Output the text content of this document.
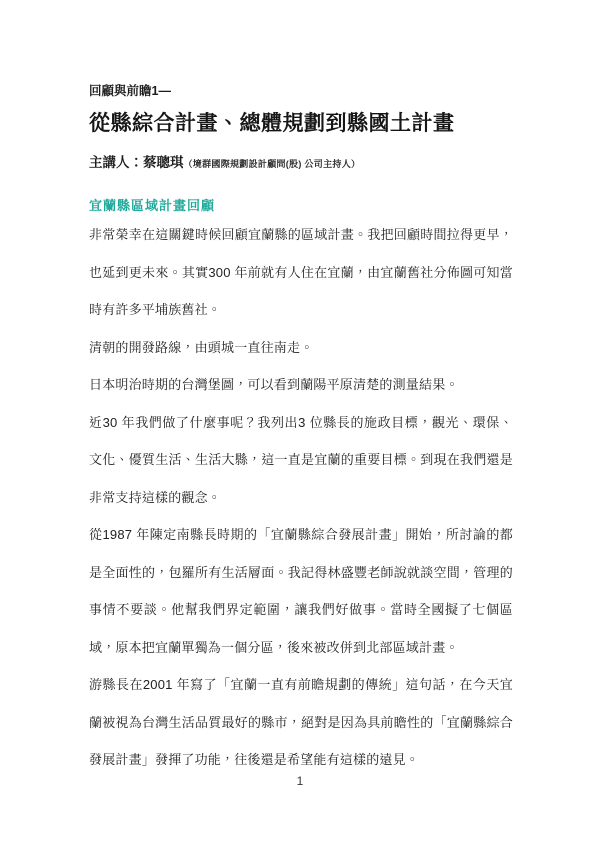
回顧與前瞻1—
從縣綜合計畫、總體規劃到縣國土計畫
主講人：蔡聰琪（境群國際規劃設計顧問(股) 公司主持人）
宜蘭縣區域計畫回顧

非常榮幸在這關鍵時候回顧宜蘭縣的區域計畫。我把回顧時間拉得更早，也延到更未來。其實300 年前就有人住在宜蘭，由宜蘭舊社分佈圖可知當時有許多平埔族舊社。

清朝的開發路線，由頭城一直往南走。

日本明治時期的台灣堡圖，可以看到蘭陽平原清楚的測量結果。

近30 年我們做了什麼事呢？我列出3 位縣長的施政目標，觀光、環保、文化、優質生活、生活大縣，這一直是宜蘭的重要目標。到現在我們還是非常支持這樣的觀念。

從1987 年陳定南縣長時期的「宜蘭縣綜合發展計畫」開始，所討論的都是全面性的，包羅所有生活層面。我記得林盛豐老師說就談空間，管理的事情不要談。他幫我們界定範圍，讓我們好做事。當時全國擬了七個區域，原本把宜蘭單獨為一個分區，後來被改併到北部區域計畫。

游縣長在2001 年寫了「宜蘭一直有前瞻規劃的傳統」這句話，在今天宜蘭被視為台灣生活品質最好的縣市，絕對是因為具前瞻性的「宜蘭縣綜合發展計畫」發揮了功能，往後還是希望能有這樣的遠見。

1
